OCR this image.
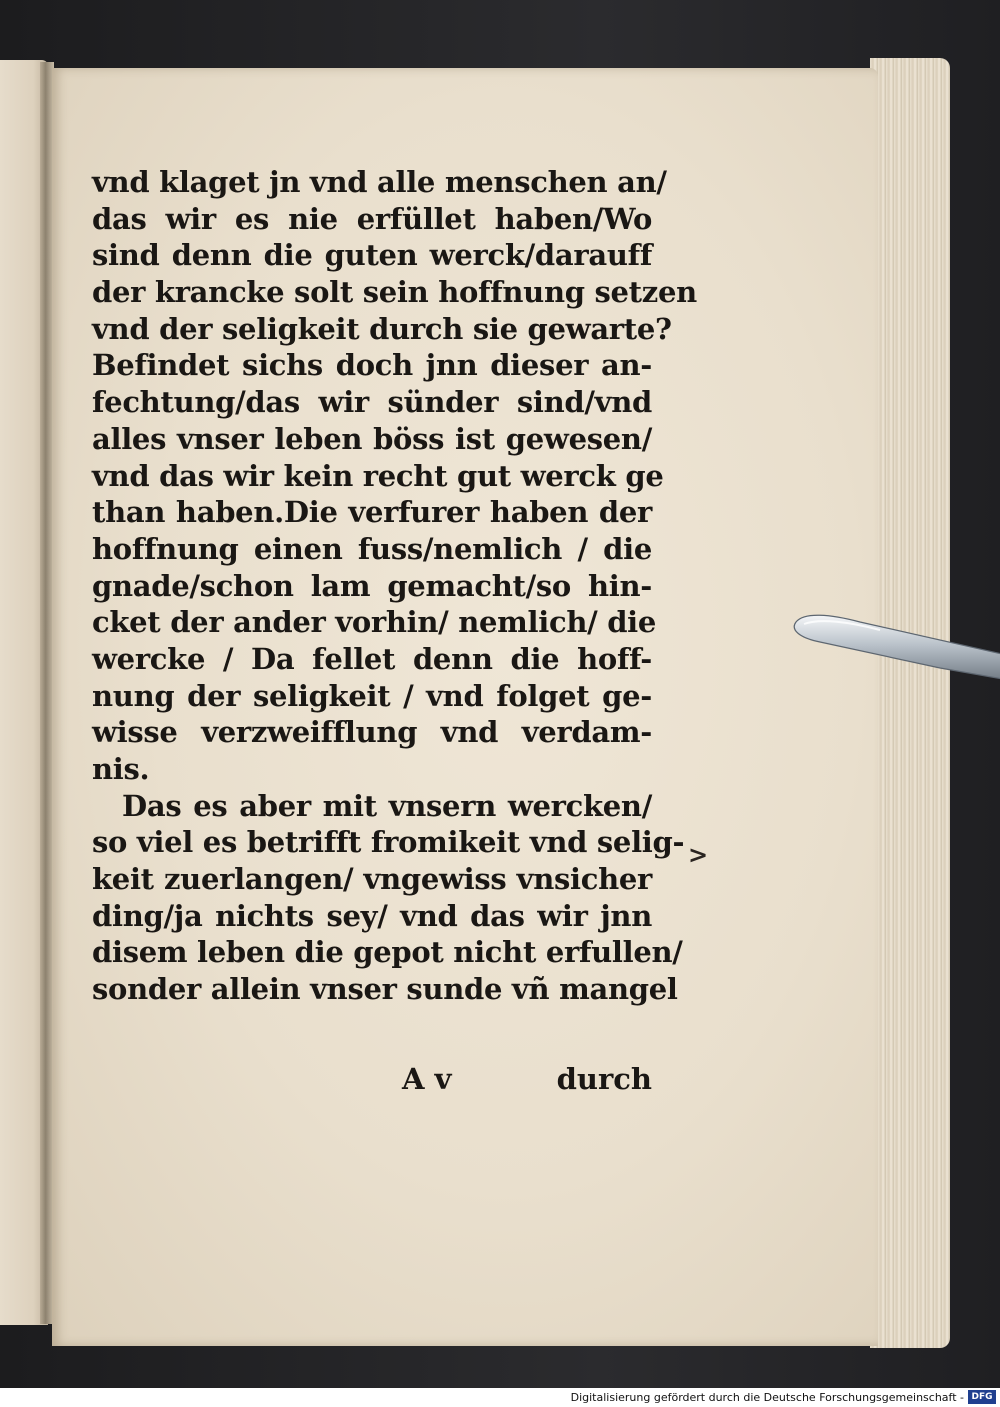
vnd klaget jn vnd alle menschen an/
das wir es nie erfüllet haben/Wo
sind denn die guten werck/darauff
der krancke solt sein hoffnung setzen
vnd der seligkeit durch sie gewarte?
Befindet sichs doch jnn dieser an-
fechtung/das wir sünder sind/vnd
alles vnser leben böss ist gewesen/
vnd das wir kein recht gut werck ge
than haben.Die verfurer haben der
hoffnung einen fuss/nemlich / die
gnade/schon lam gemacht/so hin-
cket der ander vorhin/ nemlich/ die
wercke / Da fellet denn die hoff-
nung der seligkeit / vnd folget ge-
wisse verzweifflung vnd verdam-
nis.
Das es aber mit vnsern wercken/
so viel es betrifft fromikeit vnd selig-
keit zuerlangen/ vngewiss vnsicher
ding/ja nichts sey/ vnd das wir jnn
disem leben die gepot nicht erfullen/
sonder allein vnser sunde vñ mangel
A v	durch
>
Digitalisierung gefördert durch die Deutsche Forschungsgemeinschaft - DFG
